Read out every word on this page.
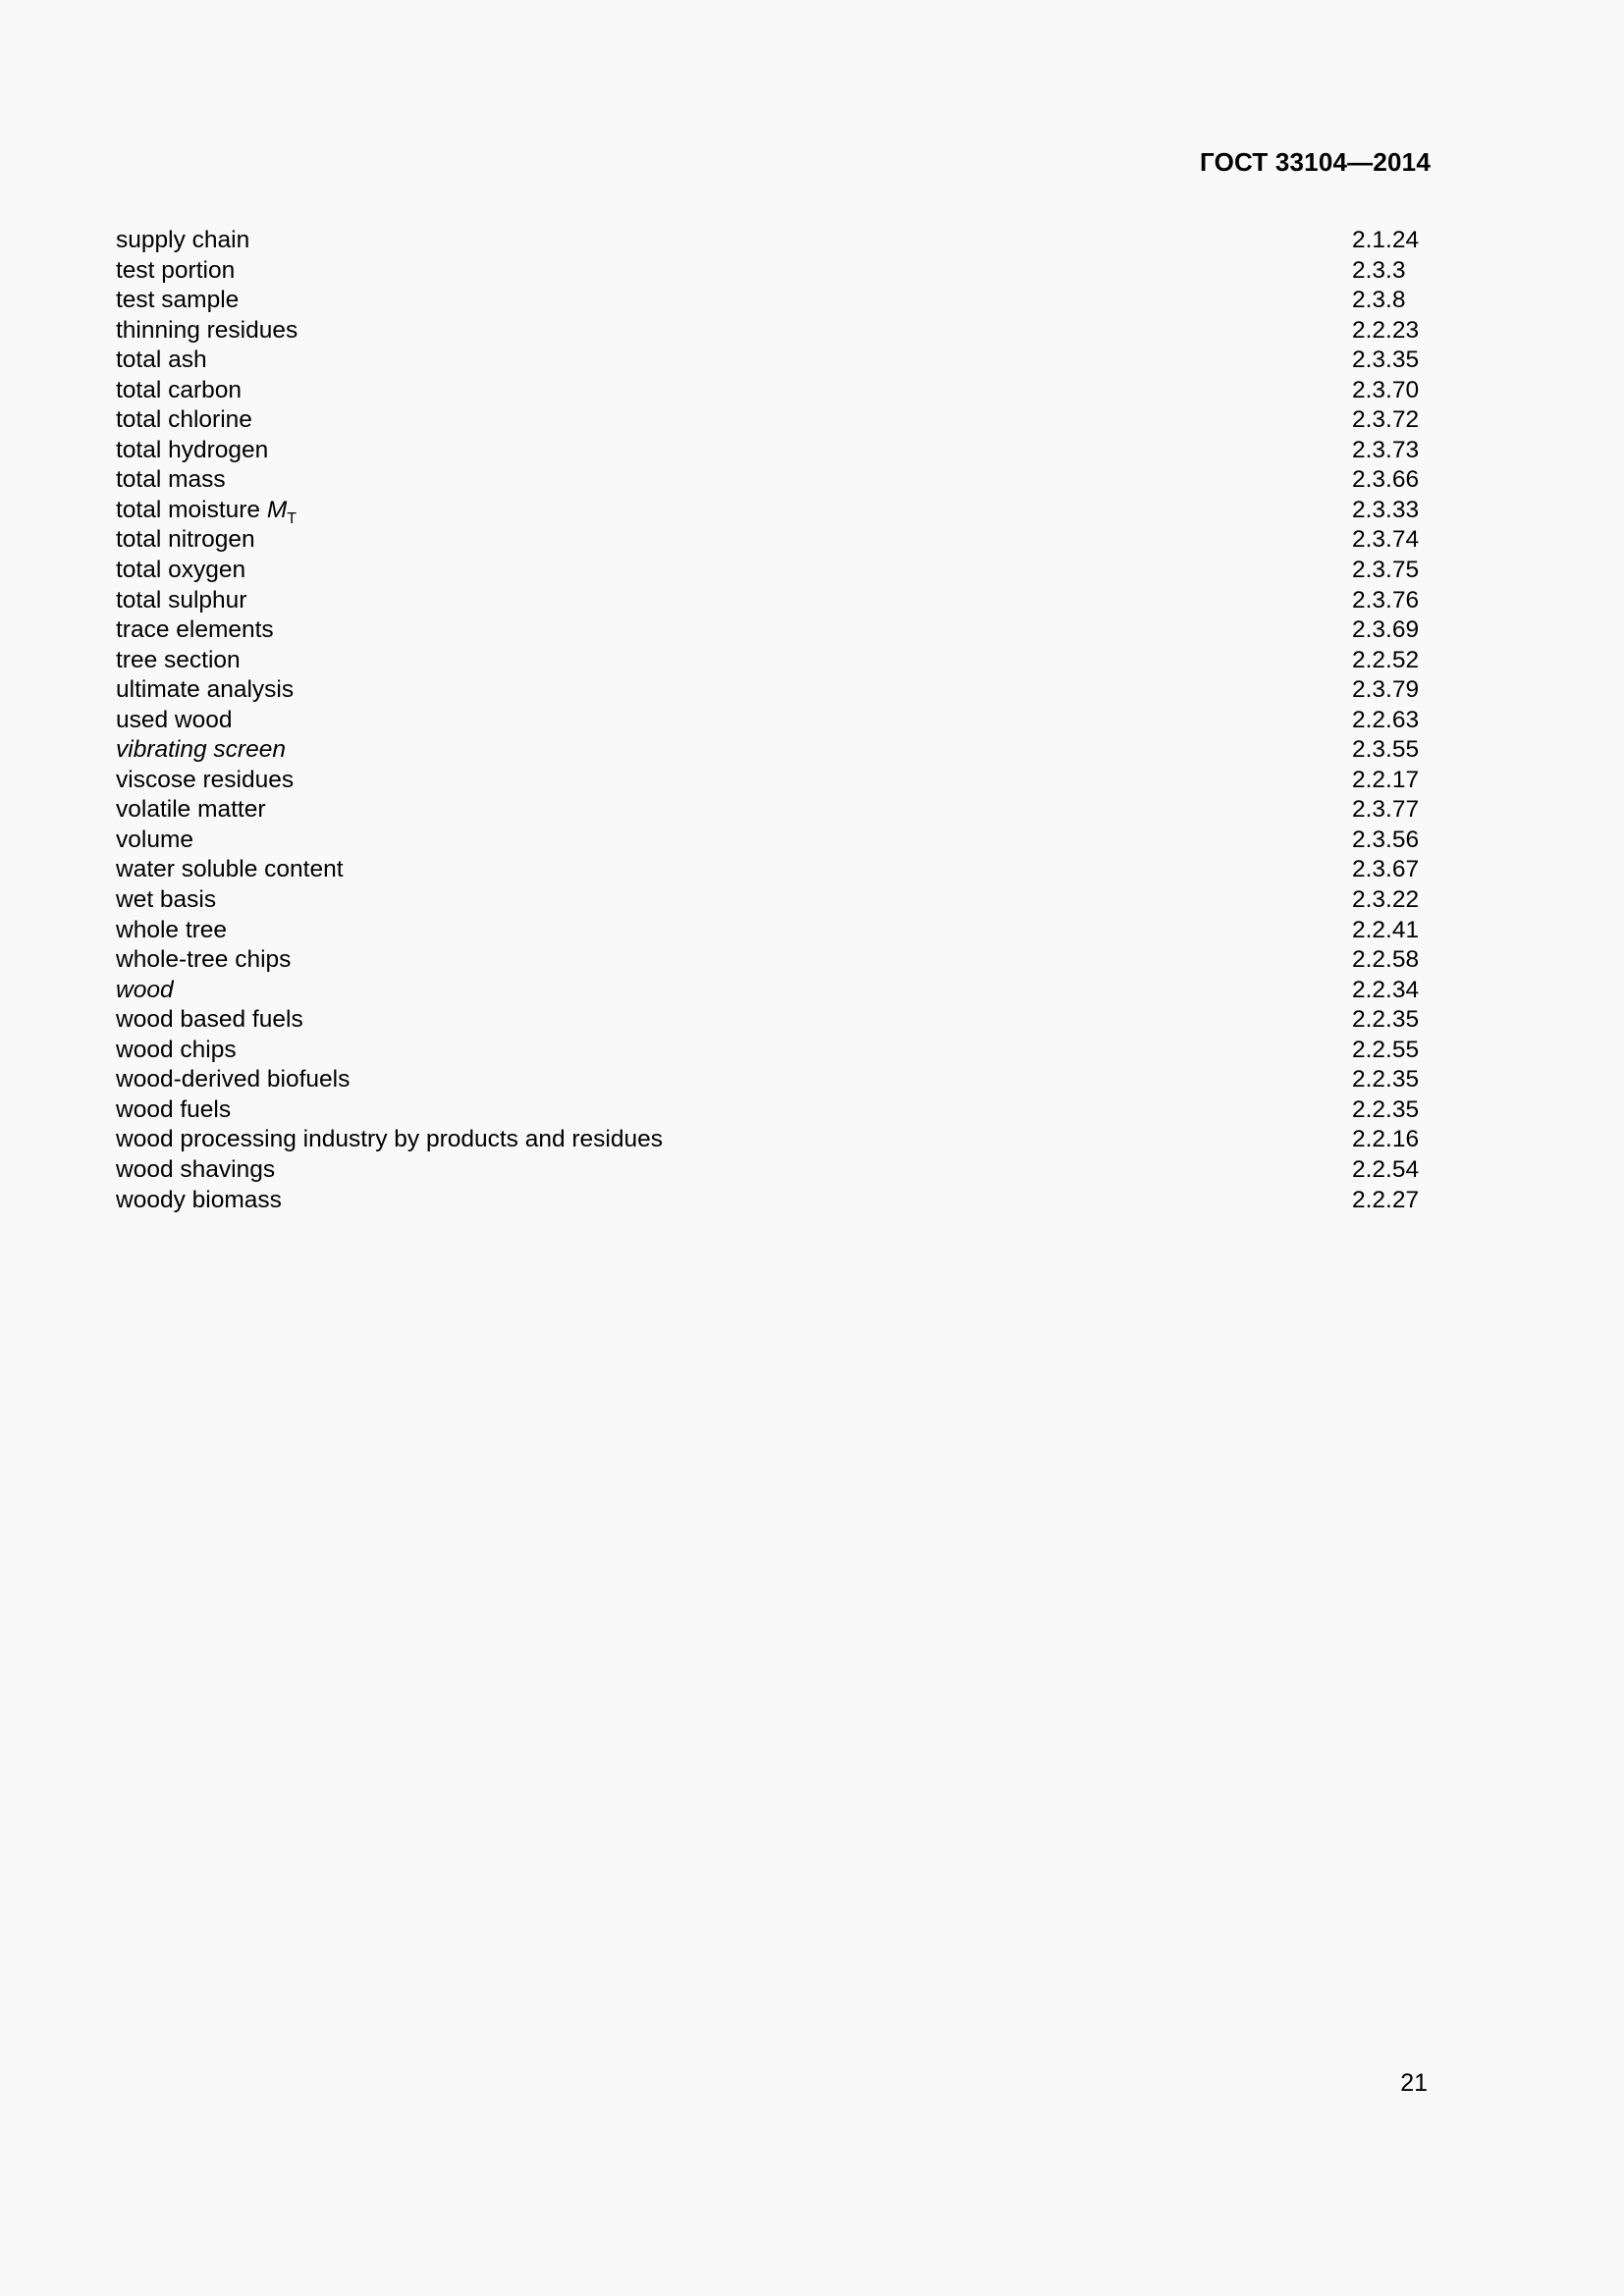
ГОСТ 33104—2014
supply chain	2.1.24
test portion	2.3.3
test sample	2.3.8
thinning residues	2.2.23
total ash	2.3.35
total carbon	2.3.70
total chlorine	2.3.72
total hydrogen	2.3.73
total mass	2.3.66
total moisture $M_T$	2.3.33
total nitrogen	2.3.74
total oxygen	2.3.75
total sulphur	2.3.76
trace elements	2.3.69
tree section	2.2.52
ultimate analysis	2.3.79
used wood	2.2.63
vibrating screen	2.3.55
viscose residues	2.2.17
volatile matter	2.3.77
volume	2.3.56
water soluble content	2.3.67
wet basis	2.3.22
whole tree	2.2.41
whole-tree chips	2.2.58
wood	2.2.34
wood based fuels	2.2.35
wood chips	2.2.55
wood-derived biofuels	2.2.35
wood fuels	2.2.35
wood processing industry by products and residues	2.2.16
wood shavings	2.2.54
woody biomass	2.2.27
21
